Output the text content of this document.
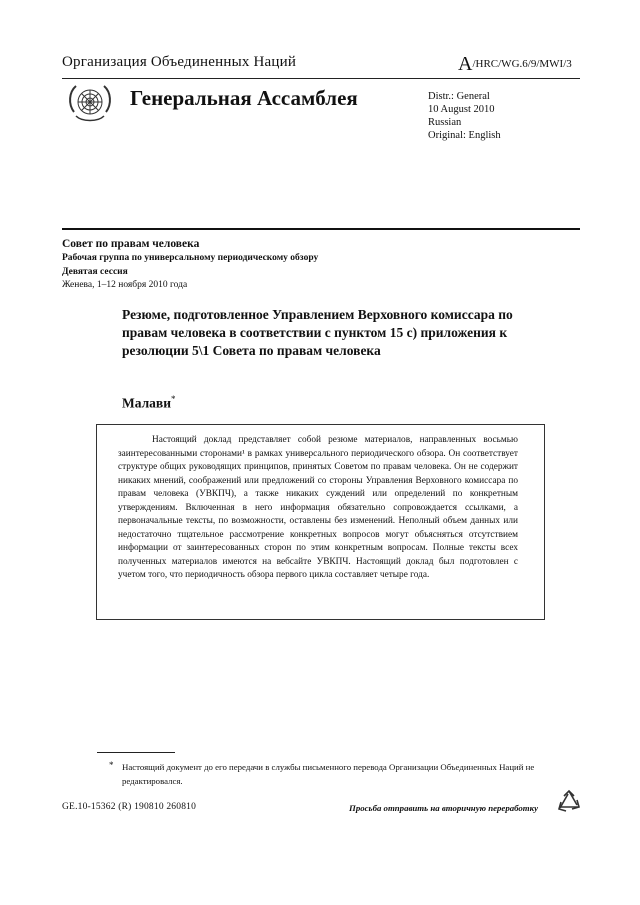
Организация Объединенных Наций	A/HRC/WG.6/9/MWI/3
Генеральная Ассамблея	Distr.: General
10 August 2010
Russian
Original: English
Совет по правам человека
Рабочая группа по универсальному периодическому обзору
Девятая сессия
Женева, 1–12 ноября 2010 года
Резюме, подготовленное Управлением Верховного комиссара по правам человека в соответствии с пунктом 15 с) приложения к резолюции 5\1 Совета по правам человека
Малави*
Настоящий доклад представляет собой резюме материалов, направленных восьмью заинтересованными сторонами¹ в рамках универсального периодического обзора. Он соответствует структуре общих руководящих принципов, принятых Советом по правам человека. Он не содержит никаких мнений, соображений или предложений со стороны Управления Верховного комиссара по правам человека (УВКПЧ), а также никаких суждений или определений по конкретным утверждениям. Включенная в него информация обязательно сопровождается ссылками, а первоначальные тексты, по возможности, оставлены без изменений. Неполный объем данных или недостаточно тщательное рассмотрение конкретных вопросов могут объясняться отсутствием информации от заинтересованных сторон по этим конкретным вопросам. Полные тексты всех полученных материалов имеются на вебсайте УВКПЧ. Настоящий доклад был подготовлен с учетом того, что периодичность обзора первого цикла составляет четыре года.
* Настоящий документ до его передачи в службы письменного перевода Организации Объединенных Наций не редактировался.
GE.10-15362 (R) 190810 260810	Просьба отправить на вторичную переработку
